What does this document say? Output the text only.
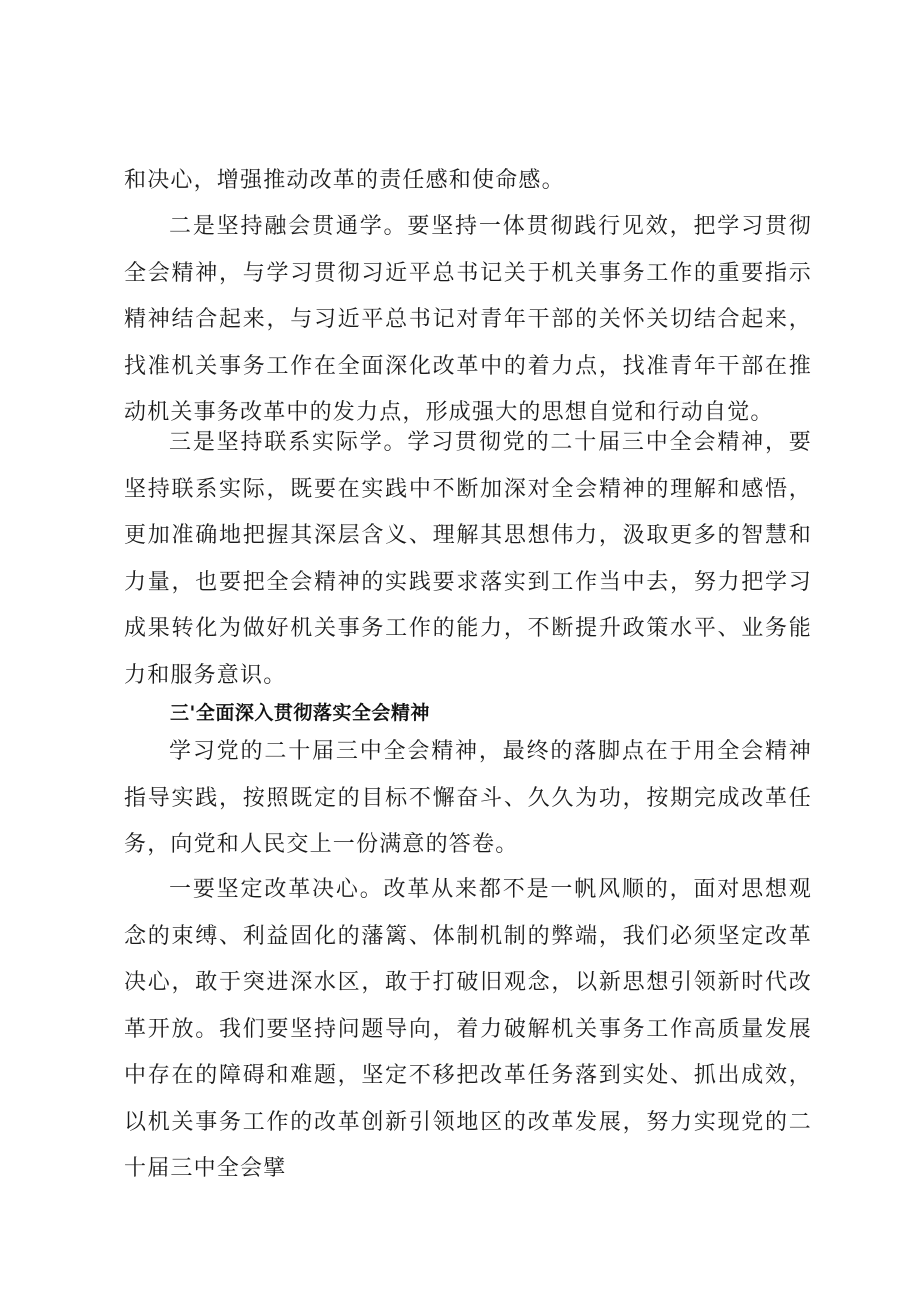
和决心，增强推动改革的责任感和使命感。

二是坚持融会贯通学。要坚持一体贯彻践行见效，把学习贯彻全会精神，与学习贯彻习近平总书记关于机关事务工作的重要指示精神结合起来，与习近平总书记对青年干部的关怀关切结合起来，找准机关事务工作在全面深化改革中的着力点，找准青年干部在推动机关事务改革中的发力点，形成强大的思想自觉和行动自觉。

三是坚持联系实际学。学习贯彻党的二十届三中全会精神，要坚持联系实际，既要在实践中不断加深对全会精神的理解和感悟，更加准确地把握其深层含义、理解其思想伟力，汲取更多的智慧和力量，也要把全会精神的实践要求落实到工作当中去，努力把学习成果转化为做好机关事务工作的能力，不断提升政策水平、业务能力和服务意识。

三'全面深入贯彻落实全会精神

学习党的二十届三中全会精神，最终的落脚点在于用全会精神指导实践，按照既定的目标不懈奋斗、久久为功，按期完成改革任务，向党和人民交上一份满意的答卷。

一要坚定改革决心。改革从来都不是一帆风顺的，面对思想观念的束缚、利益固化的藩篱、体制机制的弊端，我们必须坚定改革决心，敢于突进深水区，敢于打破旧观念，以新思想引领新时代改革开放。我们要坚持问题导向，着力破解机关事务工作高质量发展中存在的障碍和难题，坚定不移把改革任务落到实处、抓出成效，以机关事务工作的改革创新引领地区的改革发展，努力实现党的二十届三中全会擘
